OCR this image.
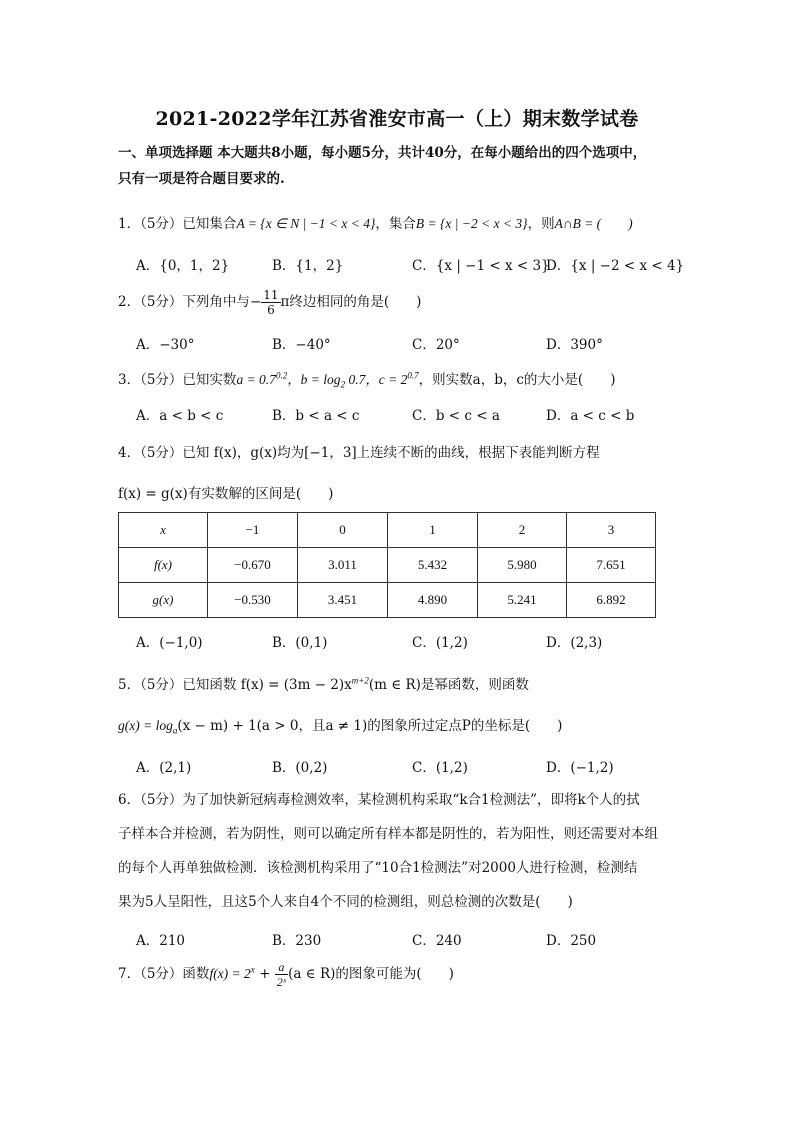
2021-2022学年江苏省淮安市高一（上）期末数学试卷
一、单项选择题 本大题共8小题，每小题5分，共计40分，在每小题给出的四个选项中，
只有一项是符合题目要求的.
1．（5分）已知集合A = {x ∈ N | −1 < x < 4}，集合B = {x | −2 < x < 3}，则A∩B = (　　)
A．{0，1，2}	B．{1，2}	C．{x | −1 < x < 3}
D．{x | −2 < x < 4}
2．（5分）下列角中与− $\frac{11}{6}$ π终边相同的角是(　　)
A．−30°	B．−40°	C．20°	D．390°
3．（5分）已知实数$a = 0.7^{0.2}$，$b = \log_2 0.7$，$c = 2^{0.7}$，则实数a，b，c的大小是(　　)
A．a < b < c	B．b < a < c	C．b < c < a	D．a < c < b
4．（5分）已知 f(x)，g(x)均为[−1，3]上连续不断的曲线，根据下表能判断方程
f(x) = g(x)有实数解的区间是(　　)
x	−1	0	1	2	3
f(x)	−0.670	3.011	5.432	5.980	7.651
g(x)	−0.530	3.451	4.890	5.241	6.892
A．(−1,0)	B．(0,1)	C．(1,2)	D．(2,3)
5．（5分）已知函数 $f(x) = (3m - 2)x^{m+2}(m$ ∈ R)是幂函数，则函数
$g(x) = \log_a(x - m) + 1(a > 0$，且a ≠ 1)的图象所过定点P的坐标是(　　)
A．(2,1)	B．(0,2)	C．(1,2)	D．(−1,2)
6．（5分）为了加快新冠病毒检测效率，某检测机构采取“k合1检测法”，即将k个人的拭
子样本合并检测，若为阴性，则可以确定所有样本都是阴性的，若为阳性，则还需要对本组
的每个人再单独做检测．该检测机构采用了“10合1检测法”对2000人进行检测，检测结
果为5人呈阳性，且这5个人来自4个不同的检测组，则总检测的次数是(　　)
A．210	B．230	C．240	D．250
7．（5分）函数$f(x) = 2^x + \frac{a}{\text{2ˣ}} (a$ ∈ R)的图象可能为(　　)
